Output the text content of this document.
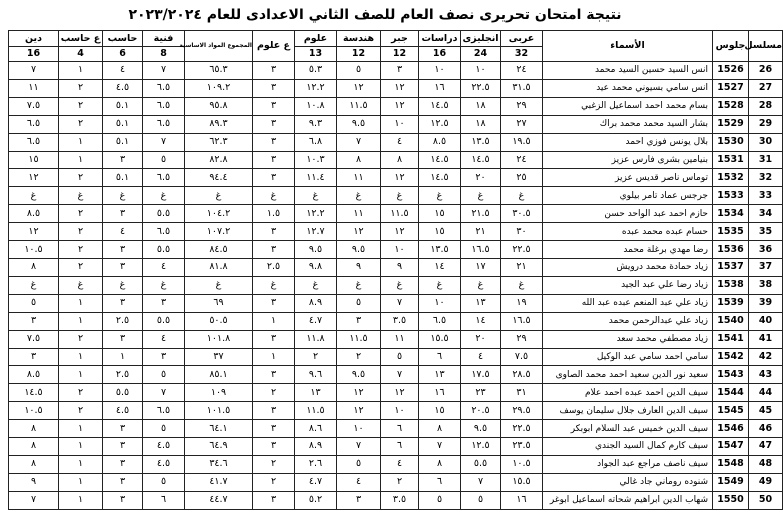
نتيجة امتحان تحريرى نصف العام للصف الثاني الاعدادى للعام ٢٠٢٣/٢٠٢٤
مسلسل	جلوس	الأسماء	عربى	انجليزى	دراسات	جبر	هندسة	علوم	ع علوم	المجموع المواد الاساسية	فنية	حاسب	ع حاسب	دين
			32	24	16	12	12	13			8	6	4	16
26	1526	انس السيد حسين السيد محمد	٢٤	١٠	١٠	٣	٥	٥.٣	٣	٦٥.٣	٧	٤	١	٧
27	1527	انس سامي بسيوني محمد عيد	٣١.٥	٢٢.٥	١٦	١٢	١٢	١٢.٢	٣	١٠٩.٢	٦.٥	٤.٥	٢	١١
28	1528	بسام محمد احمد اسماعيل الزغبي	٢٩	١٨	١٤.٥	١٢	١١.٥	١٠.٨	٣	٩٥.٨	٦.٥	٥.١	٢	٧.٥
29	1529	بشار السيد محمد محمد براك	٢٧	١٨	١٢.٥	١٠	٩.٥	٩.٣	٣	٨٩.٣	٦.٥	٥.١	٢	٦.٥
30	1530	بلال يونس فوزي احمد	١٩.٥	١٣.٥	٨.٥	٤	٧	٦.٨	٣	٦٢.٣	٧	٥.١	١	٦.٥
31	1531	بنيامين بشرى فارس عزيز	٢٤	١٤.٥	١٤.٥	٨	٨	١٠.٣	٣	٨٢.٨	٥	٣	١	١٥
32	1532	توماس ناصر قديس عزيز	٢٥	٢٠	١٤.٥	١٢	١١	١١.٤	٣	٩٤.٤	٦.٥	٥.١	٢	١٢
33	1533	جرجس عماد تامر بيلوي	غ	غ	غ	غ	غ	غ	غ	غ	غ	غ	غ	غ
34	1534	حازم احمد عبد الواحد حسن	٣٠.٥	٢١.٥	١٥	١١.٥	١١	١٢.٢	١.٥	١٠٤.٢	٥.٥	٣	٢	٨.٥
35	1535	حسام عبده محمد عبده	٣٠	٢١	١٥	١٢	١٢	١٢.٧	٣	١٠٧.٢	٦.٥	٤	٢	١٢
36	1536	رضا مهدي برغلة محمد	٢٢.٥	١٦.٥	١٣.٥	١٠	٩.٥	٩.٥	٣	٨٤.٥	٥.٥	٣	٢	١٠.٥
37	1537	زياد حمادة محمد درويش	٢١	١٧	١٤	٩	٩	٩.٨	٢.٥	٨١.٨	٤	٣	٢	٨
38	1538	زياد رضا علي عبد الجيد	غ	غ	غ	غ	غ	غ	غ	غ	غ	غ	غ	غ
39	1539	زياد علي عبد المنعم عبده عبد الله	١٩	١٣	١٠	٧	٥	٨.٩	٣	٦٩	٣	٣	١	٥
40	1540	زياد علي عبدالرحمن محمد	١٦.٥	١٤	٦.٥	٣.٥	٣	٤.٧	١	٥٠.٥	٥.٥	٢.٥	١	٣
41	1541	زياد مصطفي محمد سعد	٢٩	٢٠	١٥.٥	١١	١١.٥	١١.٨	٣	١٠١.٨	٤	٣	٢	٧.٥
42	1542	سامي احمد سامي عبد الوكيل	٧.٥	٤	٦	٥	٢	٢	١	٣٧	٣	١	١	٣
43	1543	سعيد نور الدين سعيد احمد محمد الصاوى	٢٨.٥	١٧.٥	١٣	٧	٩.٥	٩.٦	٣	٨٥.١	٥	٢.٥	١	٨.٥
44	1544	سيف الدين احمد عبده احمد علام	٣١	٢٣	١٦	١٢	١٢	١٣	٢	١٠٩	٧	٥.٥	٢	١٤.٥
45	1545	سيف الدين العارف جلال سليمان يوسف	٢٩.٥	٢٠.٥	١٥	١٠	١٢	١١.٥	٣	١٠١.٥	٦.٥	٤.٥	٢	١٠.٥
46	1546	سيف الدين خميس عبد السلام ابوبكر	٢٢.٥	٩.٥	٨	٦	١٠	٨.٦	٣	٦٤.١	٥	٣	١	٨
47	1547	سيف كارم كمال السيد الجندي	٢٣.٥	١٢.٥	٧	٦	٧	٨.٩	٣	٦٤.٩	٤.٥	٣	١	٨
48	1548	سيف ناصف مراجع عبد الجواد	١٠.٥	٥.٥	٨	٤	٥	٢.٦	٢	٣٤.٦	٤.٥	٣	١	٨
49	1549	شنوده روماني جاد غالي	١٥.٥	٧	٦	٢	٤	٤.٧	٢	٤١.٧	٥	٣	١	٩
50	1550	شهاب الدين ابراهيم شحاته اسماعيل ابوغر	١٦	٥	٥	٣.٥	٣	٥.٢	٣	٤٤.٧	٦	٣	١	٧
